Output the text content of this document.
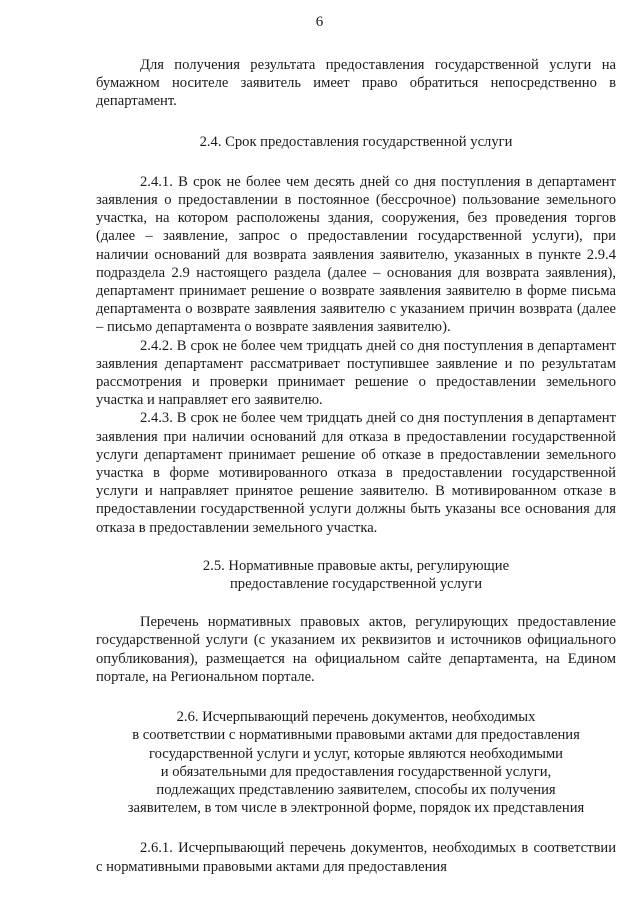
6

Для получения результата предоставления государственной услуги на бумажном носителе заявитель имеет право обратиться непосредственно в департамент.

2.4. Срок предоставления государственной услуги

2.4.1. В срок не более чем десять дней со дня поступления в департамент заявления о предоставлении в постоянное (бессрочное) пользование земельного участка, на котором расположены здания, сооружения, без проведения торгов (далее – заявление, запрос о предоставлении государственной услуги), при наличии оснований для возврата заявления заявителю, указанных в пункте 2.9.4 подраздела 2.9 настоящего раздела (далее – основания для возврата заявления), департамент принимает решение о возврате заявления заявителю в форме письма департамента о возврате заявления заявителю с указанием причин возврата (далее – письмо департамента о возврате заявления заявителю).

2.4.2. В срок не более чем тридцать дней со дня поступления в департамент заявления департамент рассматривает поступившее заявление и по результатам рассмотрения и проверки принимает решение о предоставлении земельного участка и направляет его заявителю.

2.4.3. В срок не более чем тридцать дней со дня поступления в департамент заявления при наличии оснований для отказа в предоставлении государственной услуги департамент принимает решение об отказе в предоставлении земельного участка в форме мотивированного отказа в предоставлении государственной услуги и направляет принятое решение заявителю. В мотивированном отказе в предоставлении государственной услуги должны быть указаны все основания для отказа в предоставлении земельного участка.

2.5. Нормативные правовые акты, регулирующие
предоставление государственной услуги

Перечень нормативных правовых актов, регулирующих предоставление государственной услуги (с указанием их реквизитов и источников официального опубликования), размещается на официальном сайте департамента, на Едином портале, на Региональном портале.

2.6. Исчерпывающий перечень документов, необходимых
в соответствии с нормативными правовыми актами для предоставления
государственной услуги и услуг, которые являются необходимыми
и обязательными для предоставления государственной услуги,
подлежащих представлению заявителем, способы их получения
заявителем, в том числе в электронной форме, порядок их представления

2.6.1. Исчерпывающий перечень документов, необходимых в соответствии с нормативными правовыми актами для предоставления
